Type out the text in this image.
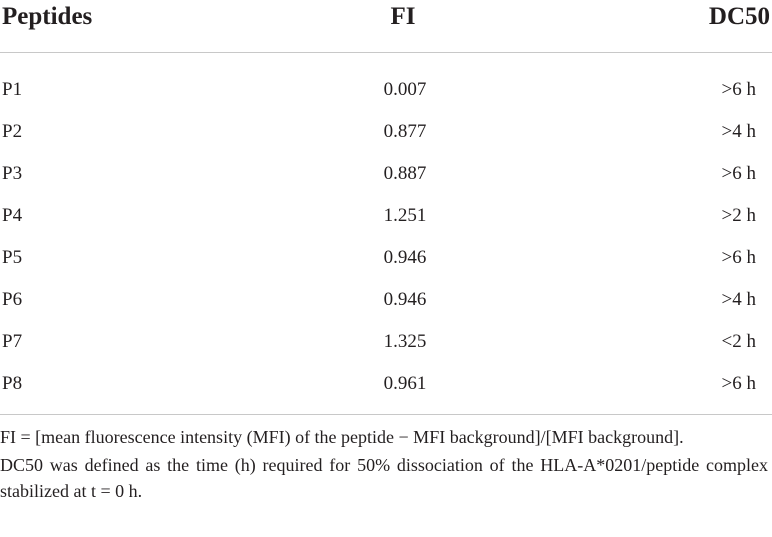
Peptides	FI	DC50
P1	0.007	>6 h
P2	0.877	>4 h
P3	0.887	>6 h
P4	1.251	>2 h
P5	0.946	>6 h
P6	0.946	>4 h
P7	1.325	<2 h
P8	0.961	>6 h

FI = [mean fluorescence intensity (MFI) of the peptide − MFI background]/[MFI background].

DC50 was defined as the time (h) required for 50% dissociation of the HLA-A*0201/peptide complex stabilized at t = 0 h.
